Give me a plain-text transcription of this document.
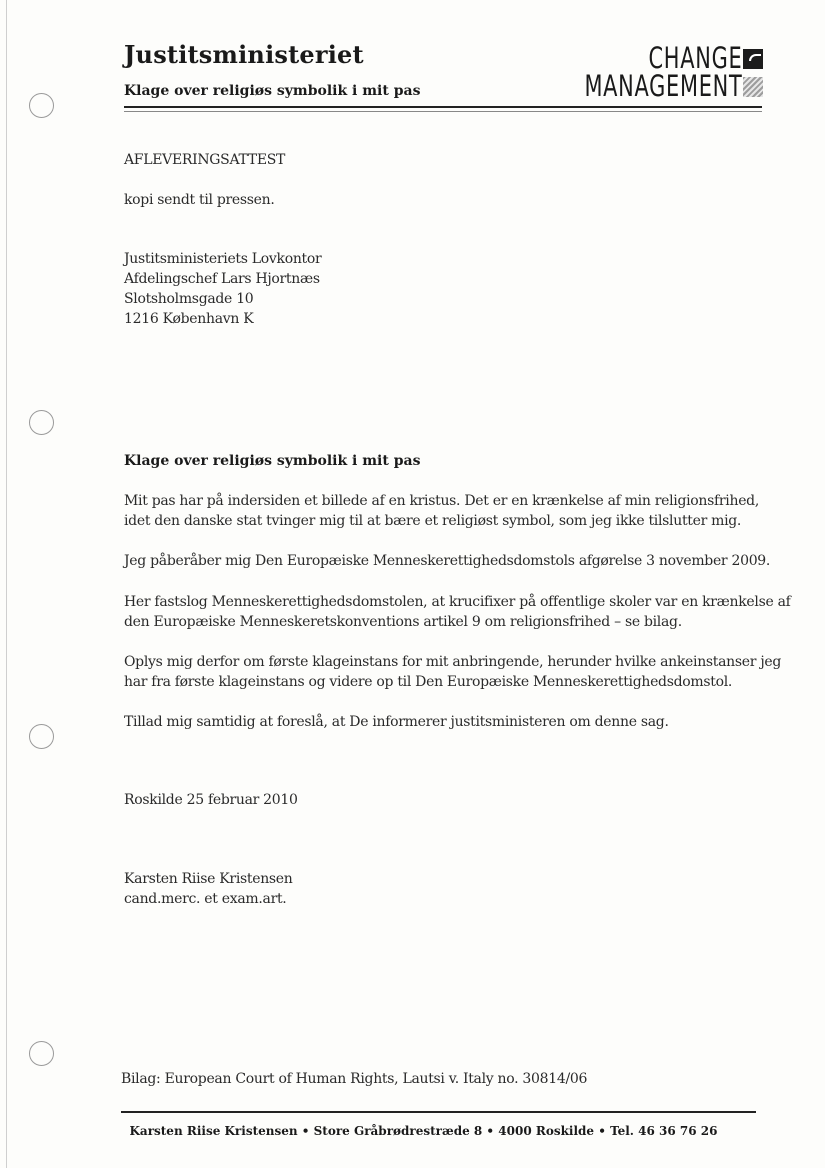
Justitsministeriet
Klage over religiøs symbolik i mit pas
CHANGE
MANAGEMENT
AFLEVERINGSATTEST
kopi sendt til pressen.
Justitsministeriets Lovkontor
Afdelingschef Lars Hjortnæs
Slotsholmsgade 10
1216 København K
Klage over religiøs symbolik i mit pas
Mit pas har på indersiden et billede af en kristus. Det er en krænkelse af min religionsfrihed,
idet den danske stat tvinger mig til at bære et religiøst symbol, som jeg ikke tilslutter mig.
Jeg påberåber mig Den Europæiske Menneskerettighedsdomstols afgørelse 3 november 2009.
Her fastslog Menneskerettighedsdomstolen, at krucifixer på offentlige skoler var en krænkelse af
den Europæiske Menneskeretskonventions artikel 9 om religionsfrihed – se bilag.
Oplys mig derfor om første klageinstans for mit anbringende, herunder hvilke ankeinstanser jeg
har fra første klageinstans og videre op til Den Europæiske Menneskerettighedsdomstol.
Tillad mig samtidig at foreslå, at De informerer justitsministeren om denne sag.
Roskilde 25 februar 2010
Karsten Riise Kristensen
cand.merc. et exam.art.
Bilag: European Court of Human Rights, Lautsi v. Italy no. 30814/06
Karsten Riise Kristensen • Store Gråbrødrestræde 8 • 4000 Roskilde • Tel. 46 36 76 26
